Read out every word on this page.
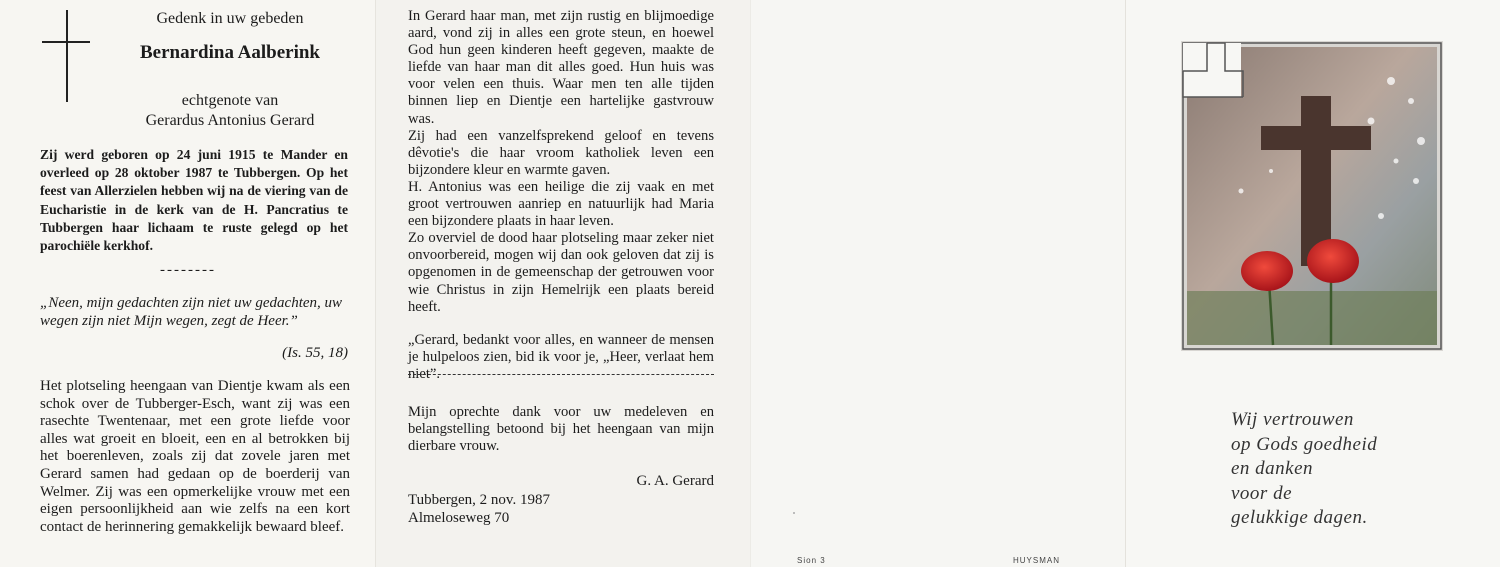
Gedenk in uw gebeden
Bernardina Aalberink
echtgenote van
Gerardus Antonius Gerard
Zij werd geboren op 24 juni 1915 te Mander en overleed op 28 oktober 1987 te Tubbergen. Op het feest van Allerzielen hebben wij na de viering van de Eucharistie in de kerk van de H. Pancratius te Tubbergen haar lichaam te ruste gelegd op het parochiële kerkhof.
--------
„Neen, mijn gedachten zijn niet uw gedachten, uw wegen zijn niet Mijn wegen, zegt de Heer.”
(Is. 55, 18)
Het plotseling heengaan van Dientje kwam als een schok over de Tubberger-Esch, want zij was een rasechte Twentenaar, met een grote liefde voor alles wat groeit en bloeit, een en al betrokken bij het boerenleven, zoals zij dat zovele jaren met Gerard samen had gedaan op de boerderij van Welmer. Zij was een opmerkelijke vrouw met een eigen persoonlijkheid aan wie zelfs na een kort contact de herinnering gemakkelijk bewaard bleef.

In Gerard haar man, met zijn rustig en blijmoedige aard, vond zij in alles een grote steun, en hoewel God hun geen kinderen heeft gegeven, maakte de liefde van haar man dit alles goed. Hun huis was voor velen een thuis. Waar men ten alle tijden binnen liep en Dientje een hartelijke gastvrouw was.

Zij had een vanzelfsprekend geloof en tevens dêvotie's die haar vroom katholiek leven een bijzondere kleur en warmte gaven.

H. Antonius was een heilige die zij vaak en met groot vertrouwen aanriep en natuurlijk had Maria een bijzondere plaats in haar leven.

Zo overviel de dood haar plotseling maar zeker niet onvoorbereid, mogen wij dan ook geloven dat zij is opgenomen in de gemeenschap der getrouwen voor wie Christus in zijn Hemelrijk een plaats bereid heeft.

„Gerard, bedankt voor alles, en wanneer de mensen je hulpeloos zien, bid ik voor je, „Heer, verlaat hem niet”.

Mijn oprechte dank voor uw medeleven en belangstelling betoond bij het heengaan van mijn dierbare vrouw.
G. A. Gerard
Tubbergen, 2 nov. 1987
Almeloseweg 70
Sion 3	HUYSMAN
Wij vertrouwen
op Gods goedheid
en danken
voor de
gelukkige dagen.
